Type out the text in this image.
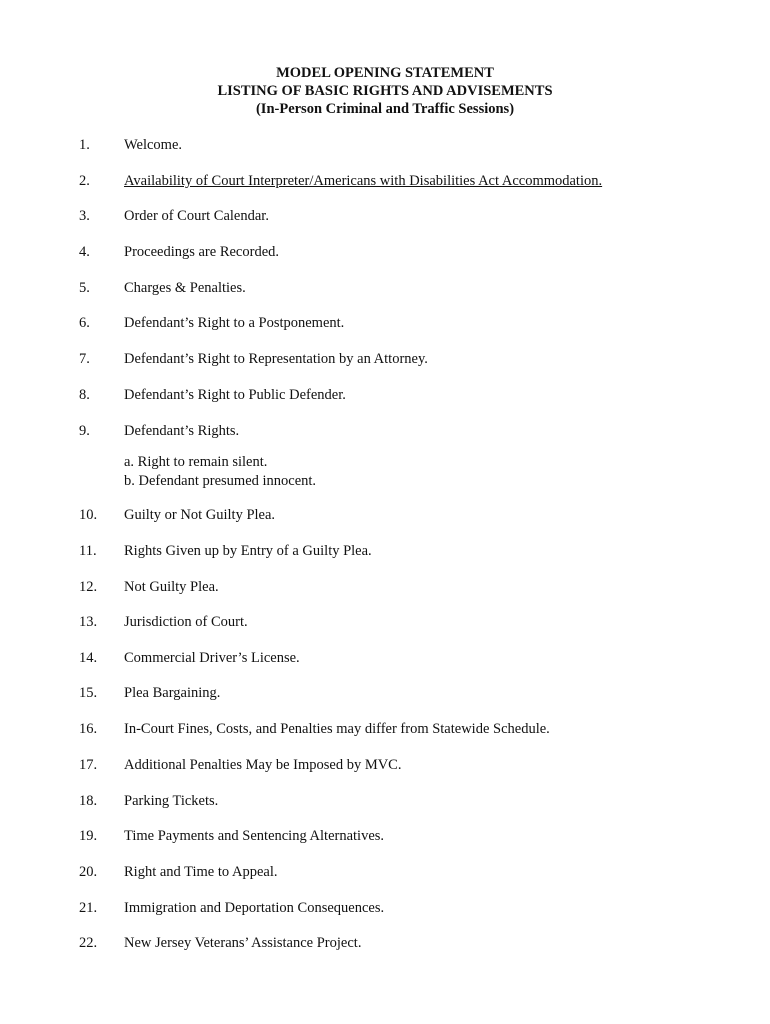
MODEL OPENING STATEMENT
LISTING OF BASIC RIGHTS AND ADVISEMENTS
(In-Person Criminal and Traffic Sessions)
1. Welcome.
2. Availability of Court Interpreter/Americans with Disabilities Act Accommodation.
3. Order of Court Calendar.
4. Proceedings are Recorded.
5. Charges & Penalties.
6. Defendant’s Right to a Postponement.
7. Defendant’s Right to Representation by an Attorney.
8. Defendant’s Right to Public Defender.
9. Defendant’s Rights.
a. Right to remain silent.
b. Defendant presumed innocent.
10. Guilty or Not Guilty Plea.
11. Rights Given up by Entry of a Guilty Plea.
12. Not Guilty Plea.
13. Jurisdiction of Court.
14. Commercial Driver’s License.
15. Plea Bargaining.
16. In-Court Fines, Costs, and Penalties may differ from Statewide Schedule.
17. Additional Penalties May be Imposed by MVC.
18. Parking Tickets.
19. Time Payments and Sentencing Alternatives.
20. Right and Time to Appeal.
21. Immigration and Deportation Consequences.
22. New Jersey Veterans’ Assistance Project.
